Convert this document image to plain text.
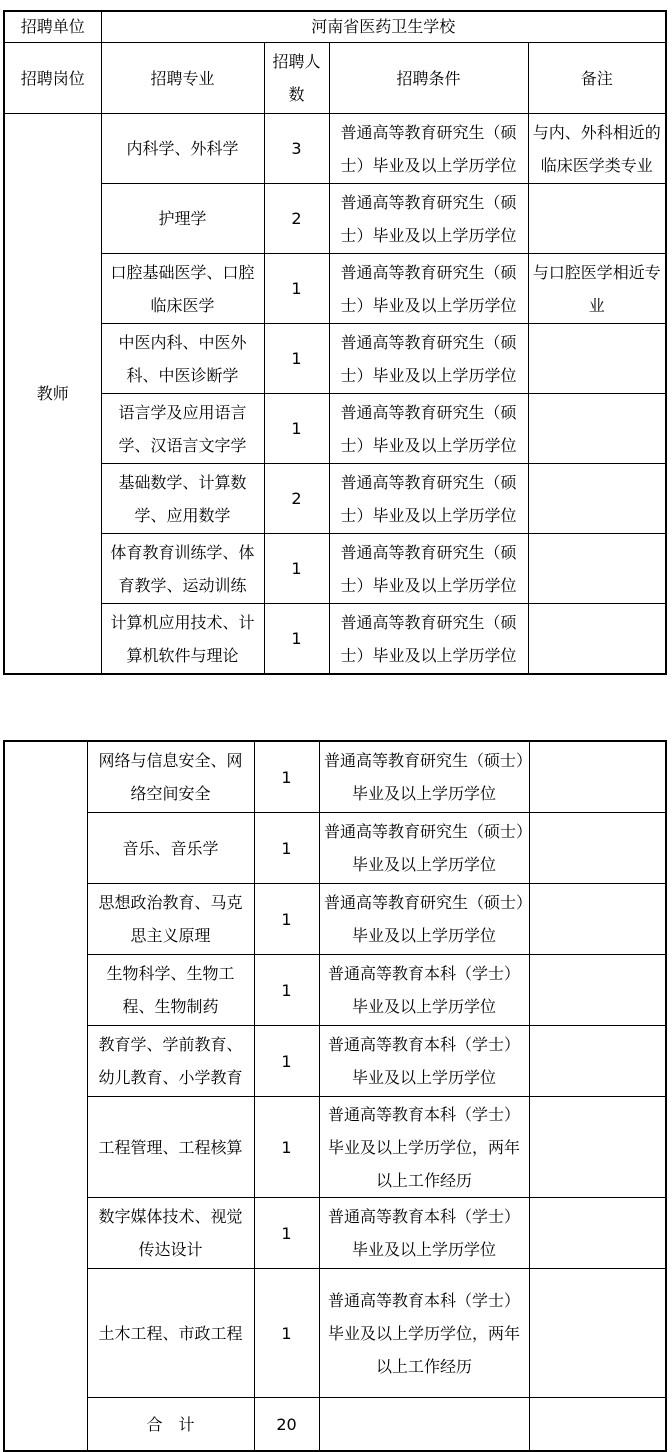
招聘单位	河南省医药卫生学校			
招聘岗位	招聘专业	招聘人数	招聘条件	备注
教师	内科学、外科学	3	普通高等教育研究生（硕士）毕业及以上学历学位	与内、外科相近的临床医学类专业
	护理学	2	普通高等教育研究生（硕士）毕业及以上学历学位	
	口腔基础医学、口腔临床医学	1	普通高等教育研究生（硕士）毕业及以上学历学位	与口腔医学相近专业
	中医内科、中医外科、中医诊断学	1	普通高等教育研究生（硕士）毕业及以上学历学位	
	语言学及应用语言学、汉语言文字学	1	普通高等教育研究生（硕士）毕业及以上学历学位	
	基础数学、计算数学、应用数学	2	普通高等教育研究生（硕士）毕业及以上学历学位	
	体育教育训练学、体育教学、运动训练	1	普通高等教育研究生（硕士）毕业及以上学历学位	
	计算机应用技术、计算机软件与理论	1	普通高等教育研究生（硕士）毕业及以上学历学位	
	网络与信息安全、网络空间安全	1	普通高等教育研究生（硕士）毕业及以上学历学位	
	音乐、音乐学	1	普通高等教育研究生（硕士）毕业及以上学历学位	
	思想政治教育、马克思主义原理	1	普通高等教育研究生（硕士）毕业及以上学历学位	
	生物科学、生物工程、生物制药	1	普通高等教育本科（学士）毕业及以上学历学位	
	教育学、学前教育、幼儿教育、小学教育	1	普通高等教育本科（学士）毕业及以上学历学位	
	工程管理、工程核算	1	普通高等教育本科（学士）毕业及以上学历学位，两年以上工作经历	
	数字媒体技术、视觉传达设计	1	普通高等教育本科（学士）毕业及以上学历学位	
	土木工程、市政工程	1	普通高等教育本科（学士）毕业及以上学历学位，两年以上工作经历	
	合　计	20		
